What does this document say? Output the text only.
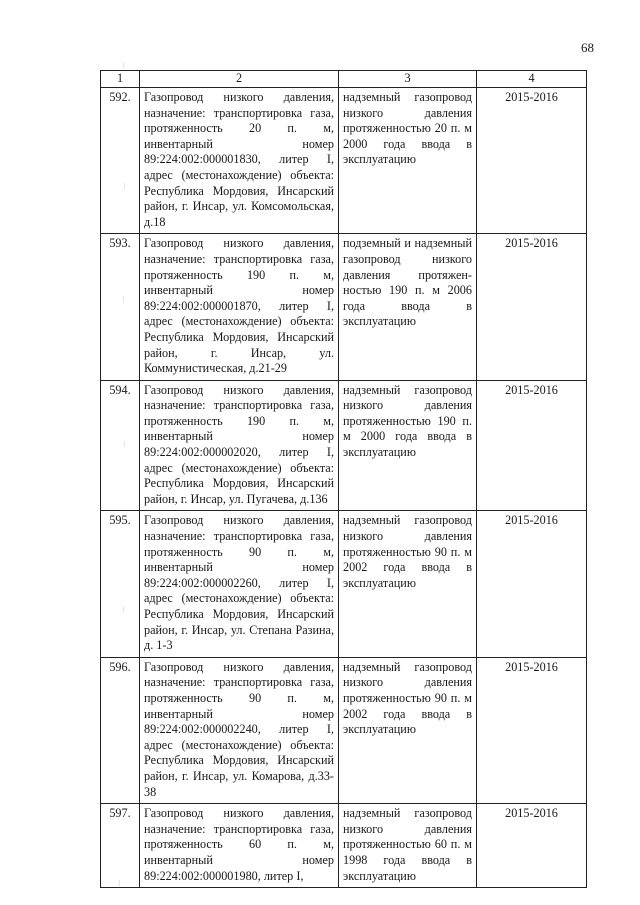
68
⁝
⁝
⁝
⁝
⁝
⁝
1	2	3	4
592.	Газопровод низкого давления, назначение: транспортировка газа, протяженность 20 п. м, инвентарный номер 89:224:002:000001830, литер I, адрес (местонахождение) объекта: Республика Мордовия, Инсарский район, г. Инсар, ул. Комсомольская, д.18	надземный газопровод низкого давления протяженностью 20 п. м 2000 года ввода в эксплуатацию	2015-2016
593.	Газопровод низкого давления, назначение: транспортировка газа, протяженность 190 п. м, инвентарный номер 89:224:002:000001870, литер I, адрес (местонахождение) объекта: Республика Мордовия, Инсарский район, г. Инсар, ул. Коммунистическая, д.21-29	подземный и надземный газопровод низкого давления протяжен-ностью 190 п. м 2006 года ввода в эксплуатацию	2015-2016
594.	Газопровод низкого давления, назначение: транспортировка газа, протяженность 190 п. м, инвентарный номер 89:224:002:000002020, литер I, адрес (местонахождение) объекта: Республика Мордовия, Инсарский район, г. Инсар, ул. Пугачева, д.136	надземный газопровод низкого давления протяженностью 190 п. м 2000 года ввода в эксплуатацию	2015-2016
595.	Газопровод низкого давления, назначение: транспортировка газа, протяженность 90 п. м, инвентарный номер 89:224:002:000002260, литер I, адрес (местонахождение) объекта: Республика Мордовия, Инсарский район, г. Инсар, ул. Степана Разина, д. 1-3	надземный газопровод низкого давления протяженностью 90 п. м 2002 года ввода в эксплуатацию	2015-2016
596.	Газопровод низкого давления, назначение: транспортировка газа, протяженность 90 п. м, инвентарный номер 89:224:002:000002240, литер I, адрес (местонахождение) объекта: Республика Мордовия, Инсарский район, г. Инсар, ул. Комарова, д.33-38	надземный газопровод низкого давления протяженностью 90 п. м 2002 года ввода в эксплуатацию	2015-2016
597.	Газопровод низкого давления, назначение: транспортировка газа, протяженность 60 п. м, инвентарный номер 89:224:002:000001980, литер I,	надземный газопровод низкого давления протяженностью 60 п. м 1998 года ввода в эксплуатацию	2015-2016
